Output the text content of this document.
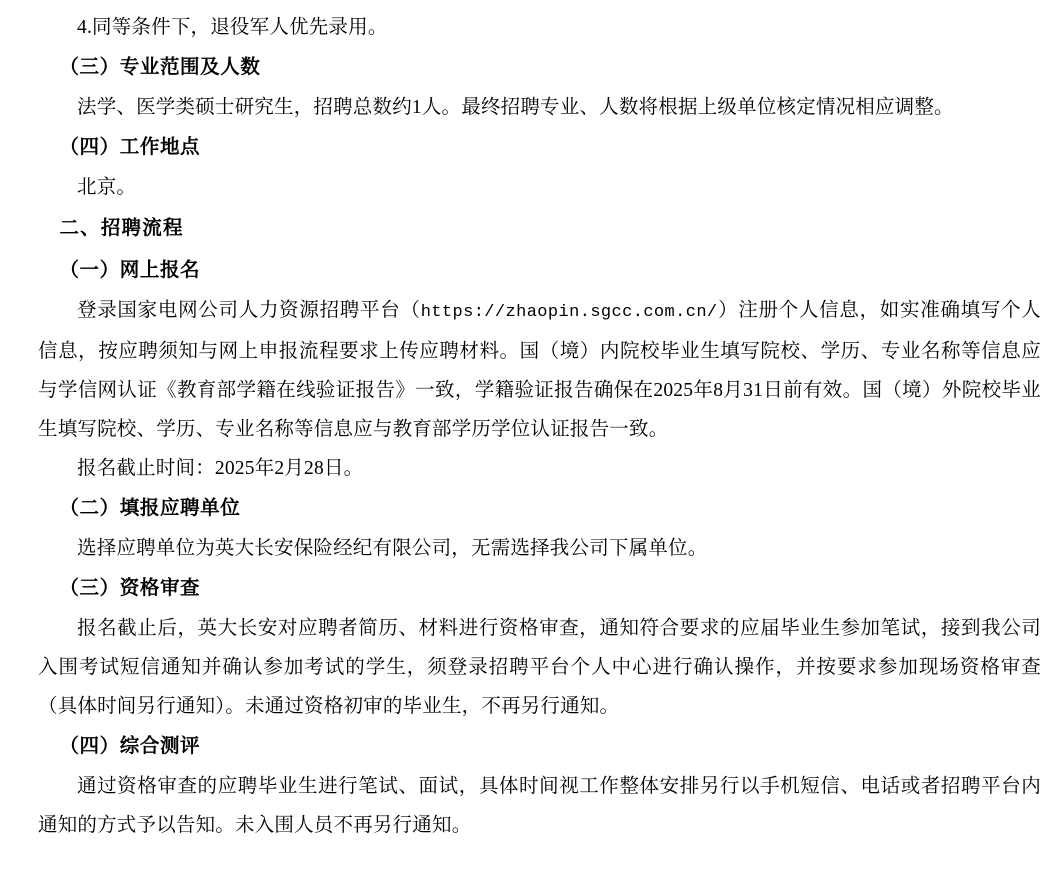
4.同等条件下，退役军人优先录用。

（三）专业范围及人数

法学、医学类硕士研究生，招聘总数约1人。最终招聘专业、人数将根据上级单位核定情况相应调整。

（四）工作地点

北京。

二、招聘流程

（一）网上报名

登录国家电网公司人力资源招聘平台（https://zhaopin.sgcc.com.cn/）注册个人信息，如实准确填写个人信息，按应聘须知与网上申报流程要求上传应聘材料。国（境）内院校毕业生填写院校、学历、专业名称等信息应与学信网认证《教育部学籍在线验证报告》一致，学籍验证报告确保在2025年8月31日前有效。国（境）外院校毕业生填写院校、学历、专业名称等信息应与教育部学历学位认证报告一致。

报名截止时间：2025年2月28日。

（二）填报应聘单位

选择应聘单位为英大长安保险经纪有限公司，无需选择我公司下属单位。

（三）资格审查

报名截止后，英大长安对应聘者简历、材料进行资格审查，通知符合要求的应届毕业生参加笔试，接到我公司入围考试短信通知并确认参加考试的学生，须登录招聘平台个人中心进行确认操作，并按要求参加现场资格审查（具体时间另行通知）。未通过资格初审的毕业生，不再另行通知。

（四）综合测评

通过资格审查的应聘毕业生进行笔试、面试，具体时间视工作整体安排另行以手机短信、电话或者招聘平台内通知的方式予以告知。未入围人员不再另行通知。
